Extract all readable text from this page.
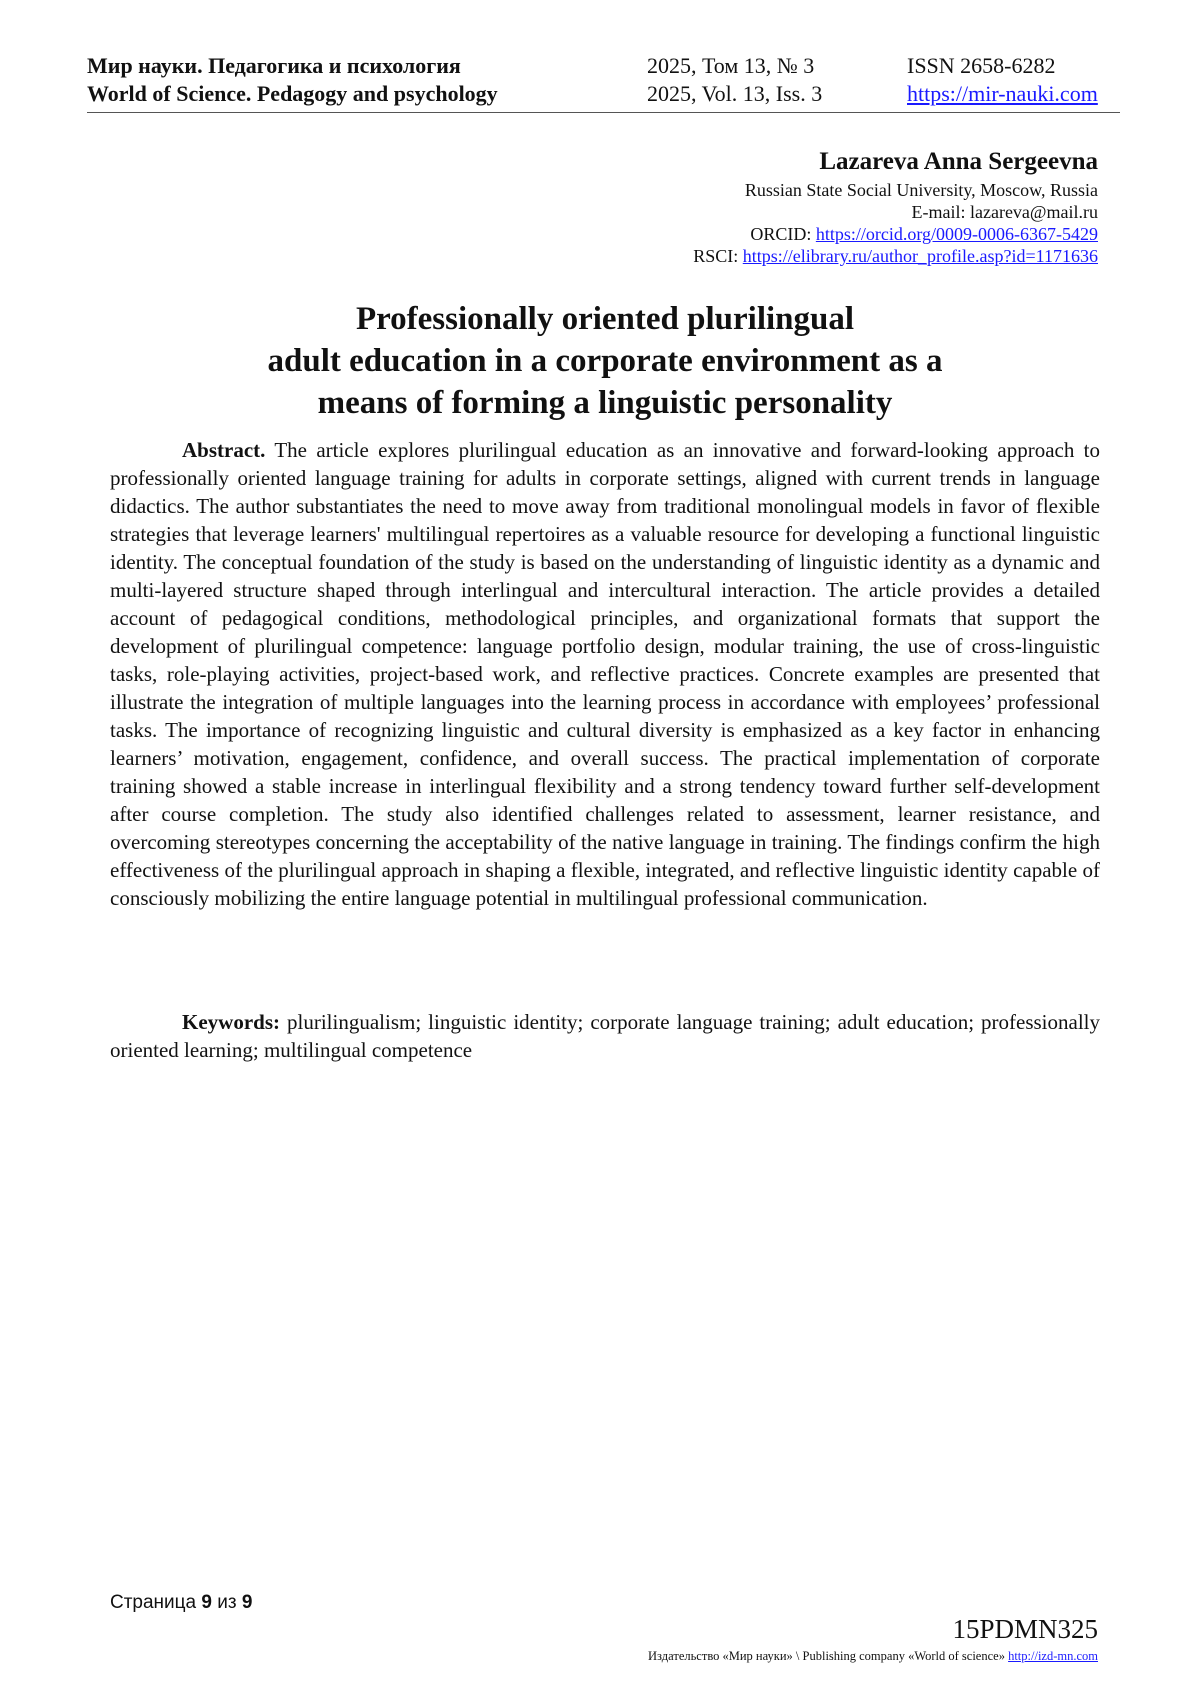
Мир науки. Педагогика и психология
World of Science. Pedagogy and psychology
2025, Том 13, № 3
2025, Vol. 13, Iss. 3
ISSN 2658-6282
https://mir-nauki.com
Lazareva Anna Sergeevna
Russian State Social University, Moscow, Russia
E-mail: lazareva@mail.ru
ORCID: https://orcid.org/0009-0006-6367-5429
RSCI: https://elibrary.ru/author_profile.asp?id=1171636
Professionally oriented plurilingual
adult education in a corporate environment as a
means of forming a linguistic personality

Abstract. The article explores plurilingual education as an innovative and forward-looking approach to professionally oriented language training for adults in corporate settings, aligned with current trends in language didactics. The author substantiates the need to move away from traditional monolingual models in favor of flexible strategies that leverage learners' multilingual repertoires as a valuable resource for developing a functional linguistic identity. The conceptual foundation of the study is based on the understanding of linguistic identity as a dynamic and multi-layered structure shaped through interlingual and intercultural interaction. The article provides a detailed account of pedagogical conditions, methodological principles, and organizational formats that support the development of plurilingual competence: language portfolio design, modular training, the use of cross-linguistic tasks, role-playing activities, project-based work, and reflective practices. Concrete examples are presented that illustrate the integration of multiple languages into the learning process in accordance with employees’ professional tasks. The importance of recognizing linguistic and cultural diversity is emphasized as a key factor in enhancing learners’ motivation, engagement, confidence, and overall success. The practical implementation of corporate training showed a stable increase in interlingual flexibility and a strong tendency toward further self-development after course completion. The study also identified challenges related to assessment, learner resistance, and overcoming stereotypes concerning the acceptability of the native language in training. The findings confirm the high effectiveness of the plurilingual approach in shaping a flexible, integrated, and reflective linguistic identity capable of consciously mobilizing the entire language potential in multilingual professional communication.

Keywords: plurilingualism; linguistic identity; corporate language training; adult education; professionally oriented learning; multilingual competence

Страница 9 из 9
15PDMN325
Издательство «Мир науки» \ Publishing company «World of science» http://izd-mn.com
